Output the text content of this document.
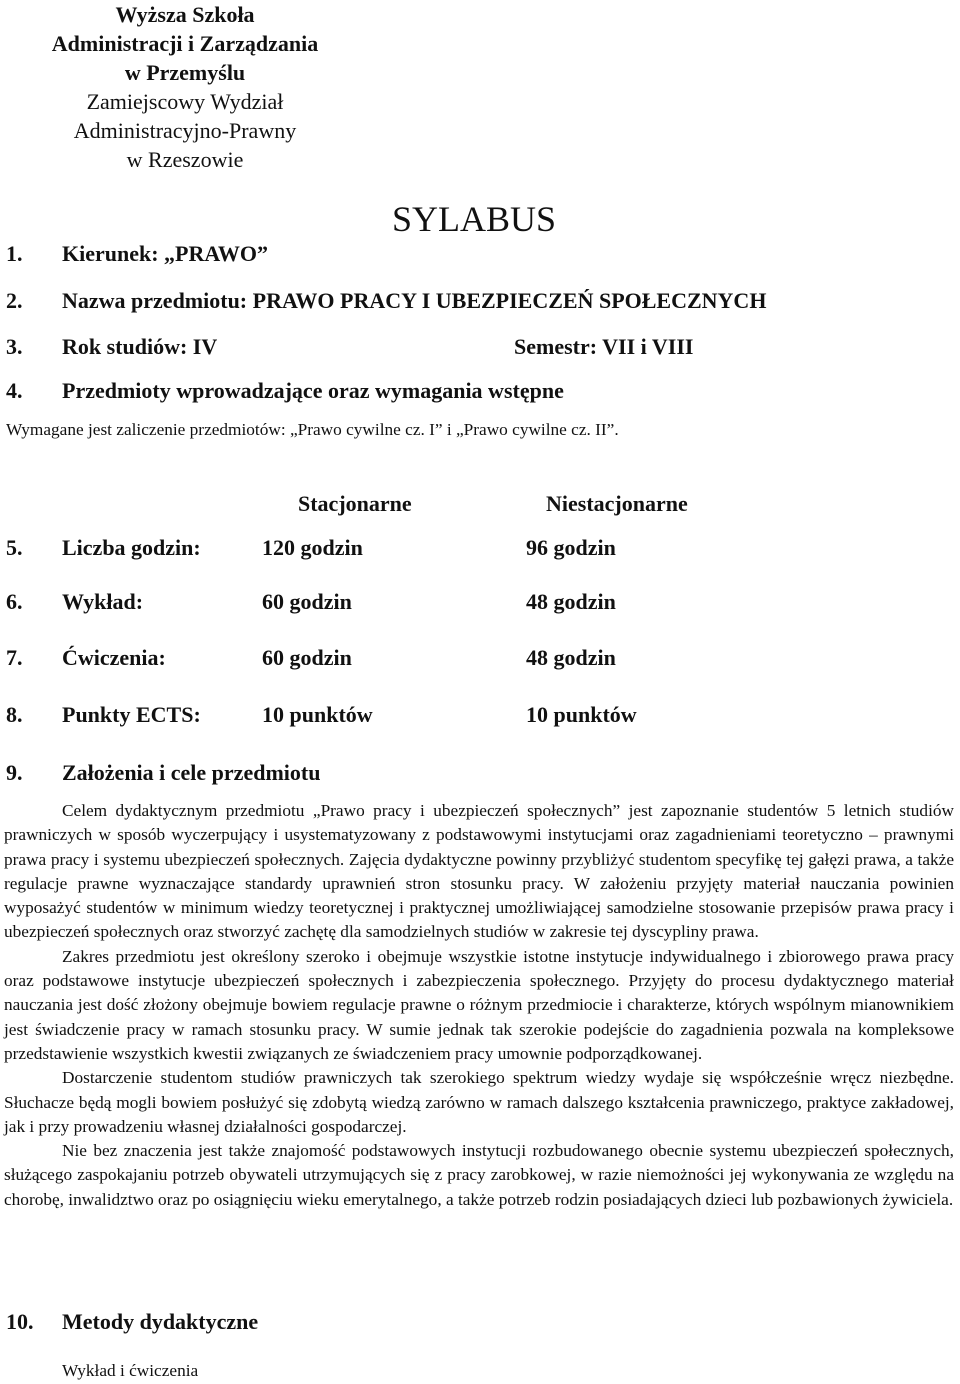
Wyższa Szkoła
Administracji i Zarządzania
w Przemyślu
Zamiejscowy Wydział
Administracyjno-Prawny
w Rzeszowie
SYLABUS
1. Kierunek: „PRAWO”
2. Nazwa przedmiotu: PRAWO PRACY I UBEZPIECZEŃ SPOŁECZNYCH
3. Rok studiów: IV	Semestr: VII i VIII
4. Przedmioty wprowadzające oraz wymagania wstępne
Wymagane jest zaliczenie przedmiotów: „Prawo cywilne cz. I” i „Prawo cywilne cz. II”.
Stacjonarne	Niestacjonarne
5. Liczba godzin:	120 godzin	96 godzin
6. Wykład:	60 godzin	48 godzin
7. Ćwiczenia:	60 godzin	48 godzin
8. Punkty ECTS:	10 punktów	10 punktów
9. Założenia i cele przedmiotu

Celem dydaktycznym przedmiotu „Prawo pracy i ubezpieczeń społecznych” jest zapoznanie studentów 5 letnich studiów prawniczych w sposób wyczerpujący i usystematyzowany z podstawowymi instytucjami oraz zagadnieniami teoretyczno – prawnymi prawa pracy i systemu ubezpieczeń społecznych. Zajęcia dydaktyczne powinny przybliżyć studentom specyfikę tej gałęzi prawa, a także regulacje prawne wyznaczające standardy uprawnień stron stosunku pracy. W założeniu przyjęty materiał nauczania powinien wyposażyć studentów w minimum wiedzy teoretycznej i praktycznej umożliwiającej samodzielne stosowanie przepisów prawa pracy i ubezpieczeń społecznych oraz stworzyć zachętę dla samodzielnych studiów w zakresie tej dyscypliny prawa.

Zakres przedmiotu jest określony szeroko i obejmuje wszystkie istotne instytucje indywidualnego i zbiorowego prawa pracy oraz podstawowe instytucje ubezpieczeń społecznych i zabezpieczenia społecznego. Przyjęty do procesu dydaktycznego materiał nauczania jest dość złożony obejmuje bowiem regulacje prawne o różnym przedmiocie i charakterze, których wspólnym mianownikiem jest świadczenie pracy w ramach stosunku pracy. W sumie jednak tak szerokie podejście do zagadnienia pozwala na kompleksowe przedstawienie wszystkich kwestii związanych ze świadczeniem pracy umownie podporządkowanej.

Dostarczenie studentom studiów prawniczych tak szerokiego spektrum wiedzy wydaje się współcześnie wręcz niezbędne. Słuchacze będą mogli bowiem posłużyć się zdobytą wiedzą zarówno w ramach dalszego kształcenia prawniczego, praktyce zakładowej, jak i przy prowadzeniu własnej działalności gospodarczej.

Nie bez znaczenia jest także znajomość podstawowych instytucji rozbudowanego obecnie systemu ubezpieczeń społecznych, służącego zaspokajaniu potrzeb obywateli utrzymujących się z pracy zarobkowej, w razie niemożności jej wykonywania ze względu na chorobę, inwalidztwo oraz po osiągnięciu wieku emerytalnego, a także potrzeb rodzin posiadających dzieci lub pozbawionych żywiciela.

10. Metody dydaktyczne
Wykład i ćwiczenia
